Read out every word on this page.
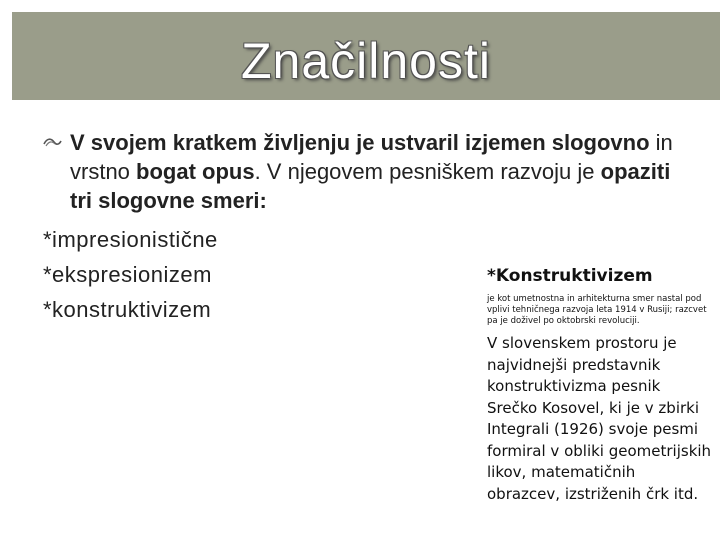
Značilnosti

V svojem kratkem življenju je ustvaril izjemen slogovno in vrstno bogat opus. V njegovem pesniškem razvoju je opaziti tri slogovne smeri:

*impresionistične
*ekspresionizem
*konstruktivizem
*Konstruktivizem
je kot umetnostna in arhitekturna smer nastal pod vplivi tehničnega razvoja leta 1914 v Rusiji; razcvet pa je doživel po oktobrski revoluciji.
V slovenskem prostoru je najvidnejši predstavnik konstruktivizma pesnik Srečko Kosovel, ki je v zbirki Integrali (1926) svoje pesmi formiral v obliki geometrijskih likov, matematičnih obrazcev, izstriženih črk itd.
